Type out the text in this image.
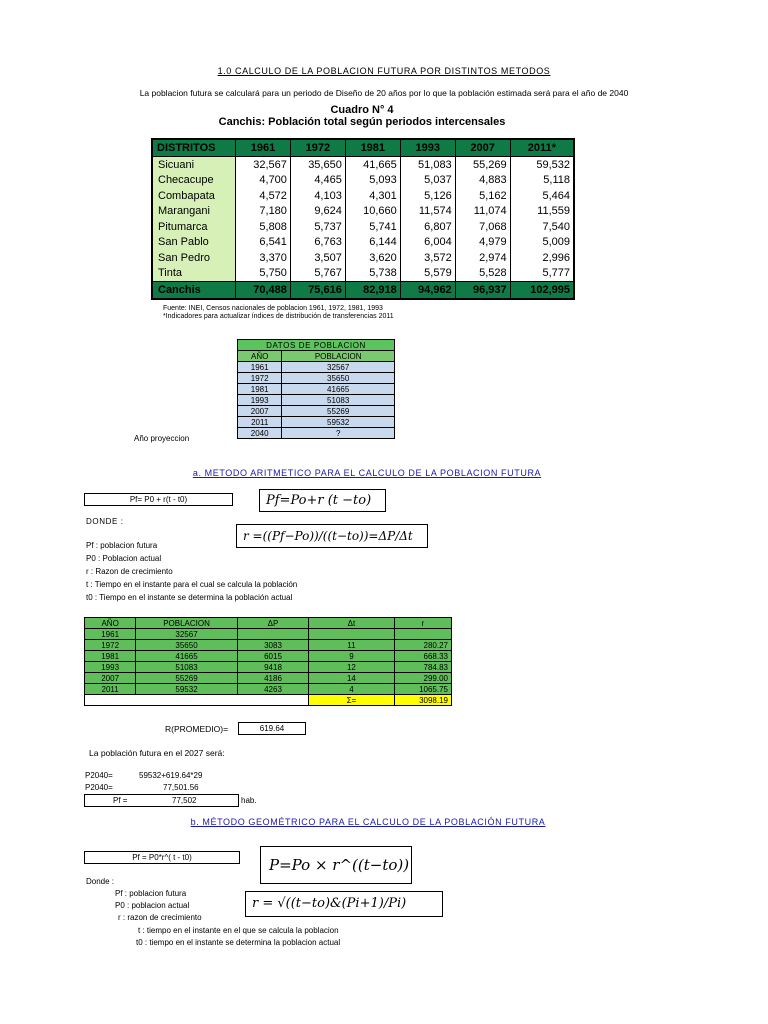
1.0 CALCULO DE LA POBLACION FUTURA POR DISTINTOS METODOS
La poblacion futura se calculará para un periodo de Diseño de 20 años por lo que la población estimada será para el año de 2040
Cuadro N° 4
Canchis: Población total según periodos intercensales
DISTRITOS	1961	1972	1981	1993	2007	2011*
Sicuani	32,567	35,650	41,665	51,083	55,269	59,532
Checacupe	4,700	4,465	5,093	5,037	4,883	5,118
Combapata	4,572	4,103	4,301	5,126	5,162	5,464
Marangani	7,180	9,624	10,660	11,574	11,074	11,559
Pitumarca	5,808	5,737	5,741	6,807	7,068	7,540
San Pablo	6,541	6,763	6,144	6,004	4,979	5,009
San Pedro	3,370	3,507	3,620	3,572	2,974	2,996
Tinta	5,750	5,767	5,738	5,579	5,528	5,777
Canchis	70,488	75,616	82,918	94,962	96,937	102,995
Fuente: INEI, Censos nacionales de poblacion 1961, 1972, 1981, 1993
*Indicadores para actualizar índices de distribución de transferencias 2011
DATOS DE POBLACION	
AÑO	POBLACION
1961	32567
1972	35650
1981	41665
1993	51083
2007	55269
2011	59532
2040	?
Año proyeccion
a. METODO ARITMETICO PARA EL CALCULO DE LA POBLACION FUTURA
Pf= P0 + r(t - t0)	Pf=Po+r (t −to)
DONDE :
r =((Pf−Po))/((t−to))=ΔP/Δt
Pf : poblacion futura
P0 : Poblacion actual
r : Razon de crecimiento
t : Tiempo en el instante para el cual se calcula la población
t0 : Tiempo en el instante se determina la población actual
AÑO	POBLACION	ΔP	Δt	r
1961	32567			
1972	35650	3083	11	280.27
1981	41665	6015	9	668.33
1993	51083	9418	12	784.83
2007	55269	4186	14	299.00
2011	59532	4263	4	1065.75
			Σ=	3098.19
R(PROMEDIO)=	619.64
La población futura en el 2027 será:
P2040=	59532+619.64*29
P2040=	77,501.56
Pf =	77,502	hab.
b. MÉTODO GEOMÉTRICO PARA EL CALCULO DE LA POBLACIÓN FUTURA
Pf = P0*r^( t - t0)	P=Po × r^((t−to))
Donde :
r = √((t−to)&(Pi+1)/Pi)
Pf : poblacion futura
P0 : poblacion actual
r : razon de crecimiento
t : tiempo en el instante en el que se calcula la poblacion
t0 : tiempo en el instante se determina la poblacion actual
